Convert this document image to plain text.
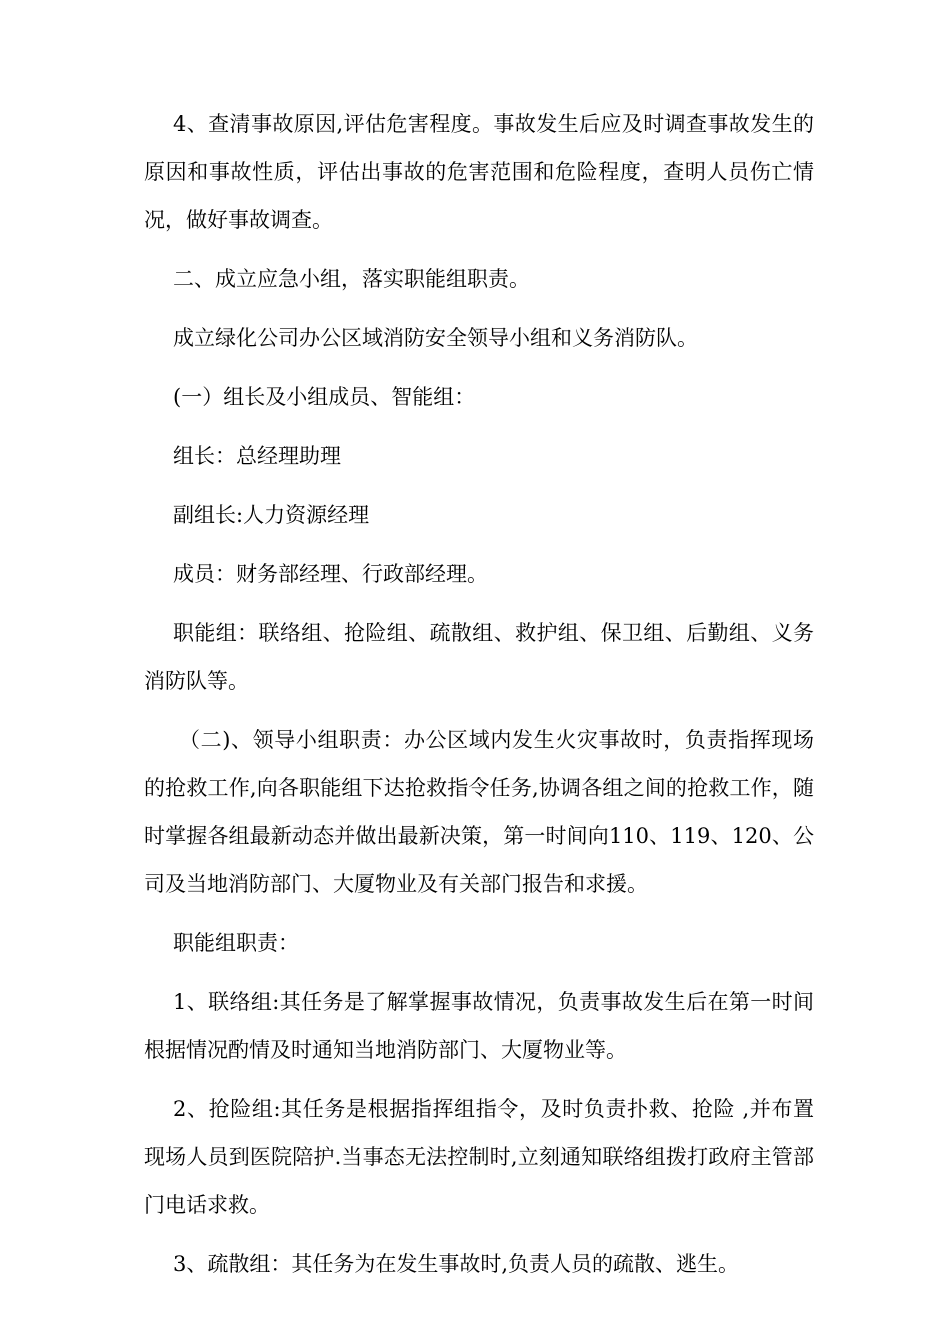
4、查清事故原因,评估危害程度。事故发生后应及时调查事故发生的原因和事故性质，评估出事故的危害范围和危险程度，查明人员伤亡情况，做好事故调查。

二、成立应急小组，落实职能组职责。

成立绿化公司办公区域消防安全领导小组和义务消防队。

(一）组长及小组成员、智能组：

组长：总经理助理

副组长:人力资源经理

成员：财务部经理、行政部经理。

职能组：联络组、抢险组、疏散组、救护组、保卫组、后勤组、义务消防队等。

（二)、领导小组职责：办公区域内发生火灾事故时，负责指挥现场的抢救工作,向各职能组下达抢救指令任务,协调各组之间的抢救工作，随时掌握各组最新动态并做出最新决策，第一时间向110、119、120、公司及当地消防部门、大厦物业及有关部门报告和求援。

职能组职责：

1、联络组:其任务是了解掌握事故情况，负责事故发生后在第一时间根据情况酌情及时通知当地消防部门、大厦物业等。

2、抢险组:其任务是根据指挥组指令，及时负责扑救、抢险 ,并布置现场人员到医院陪护.当事态无法控制时,立刻通知联络组拨打政府主管部门电话求救。

3、疏散组：其任务为在发生事故时,负责人员的疏散、逃生。
